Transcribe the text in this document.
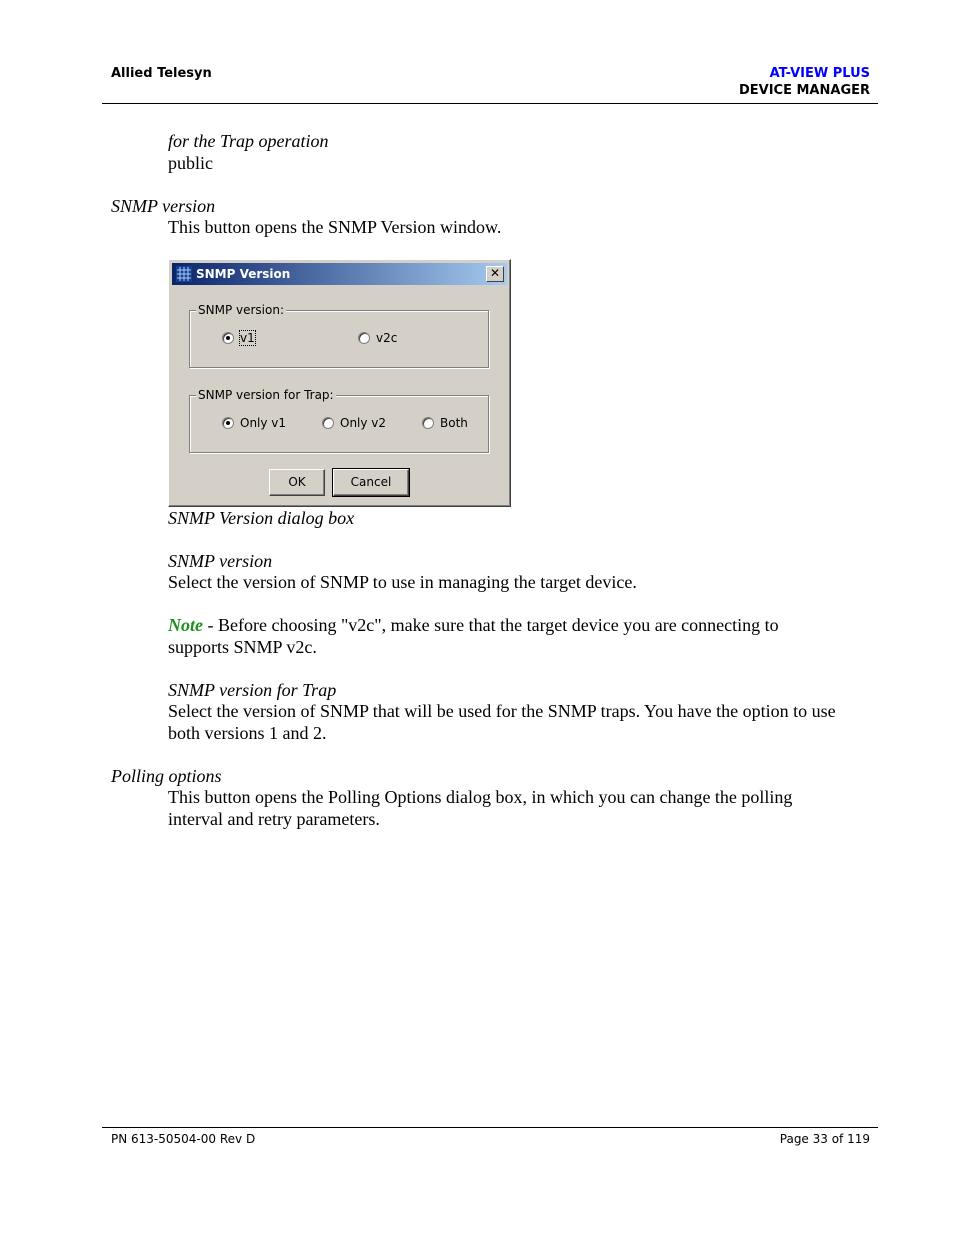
Allied Telesyn	AT-VIEW PLUS
DEVICE MANAGER
for the Trap operation
public
SNMP version
This button opens the SNMP Version window.
SNMP Version	✕
SNMP version:
v1	v2c
SNMP version for Trap:
Only v1	Only v2	Both
OK	Cancel
SNMP Version dialog box
SNMP version
Select the version of SNMP to use in managing the target device.
Note - Before choosing "v2c", make sure that the target device you are connecting to
supports SNMP v2c.
SNMP version for Trap
Select the version of SNMP that will be used for the SNMP traps. You have the option to use
both versions 1 and 2.
Polling options
This button opens the Polling Options dialog box, in which you can change the polling
interval and retry parameters.
PN 613-50504-00 Rev D	Page 33 of 119
